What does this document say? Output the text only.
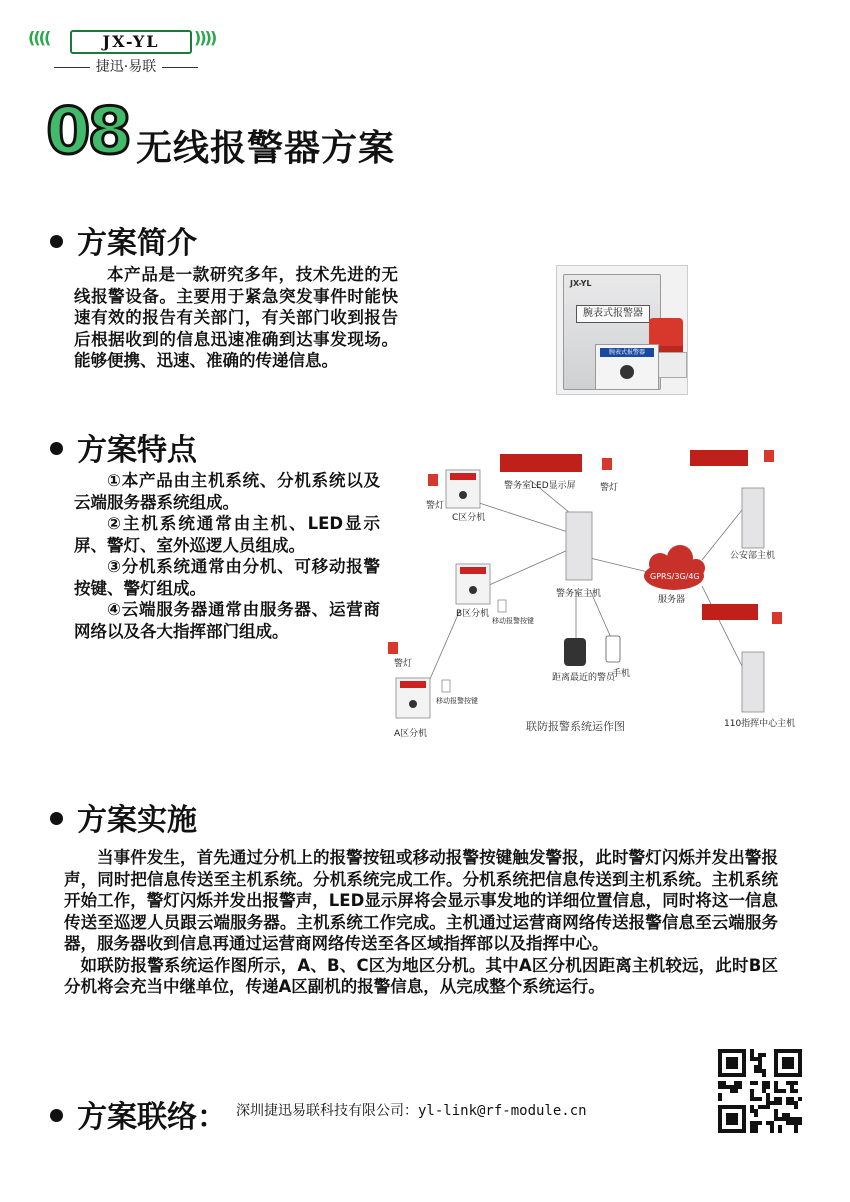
((((	JX-YL	))))
捷迅·易联
08 无线报警器方案
方案简介

本产品是一款研究多年，技术先进的无线报警设备。主要用于紧急突发事件时能快速有效的报告有关部门，有关部门收到报告后根据收到的信息迅速准确到达事发现场。能够便携、迅速、准确的传递信息。

JX-YL
腕表式报警器
腕表式报警器
方案特点

①本产品由主机系统、分机系统以及云端服务器系统组成。

②主机系统通常由主机、LED显示屏、警灯、室外巡逻人员组成。

③分机系统通常由分机、可移动报警按键、警灯组成。

④云端服务器通常由服务器、运营商网络以及各大指挥部门组成。

警务室LED显示屏
警灯
C区分机
警灯
警务室主机
B区分机
移动报警按键
警灯
移动报警按键
A区分机
GPRS/3G/4G
服务器
公安部主机
110指挥中心主机
距离最近的警员
手机
联防报警系统运作图
方案实施

当事件发生，首先通过分机上的报警按钮或移动报警按键触发警报，此时警灯闪烁并发出警报声，同时把信息传送至主机系统。分机系统完成工作。分机系统把信息传送到主机系统。主机系统开始工作，警灯闪烁并发出报警声，LED显示屏将会显示事发地的详细位置信息，同时将这一信息传送至巡逻人员跟云端服务器。主机系统工作完成。主机通过运营商网络传送报警信息至云端服务器，服务器收到信息再通过运营商网络传送至各区域指挥部以及指挥中心。

如联防报警系统运作图所示，A、B、C区为地区分机。其中A区分机因距离主机较远，此时B区分机将会充当中继单位，传递A区副机的报警信息，从完成整个系统运行。

方案联络： 深圳捷迅易联科技有限公司：yl-link@rf-module.cn
